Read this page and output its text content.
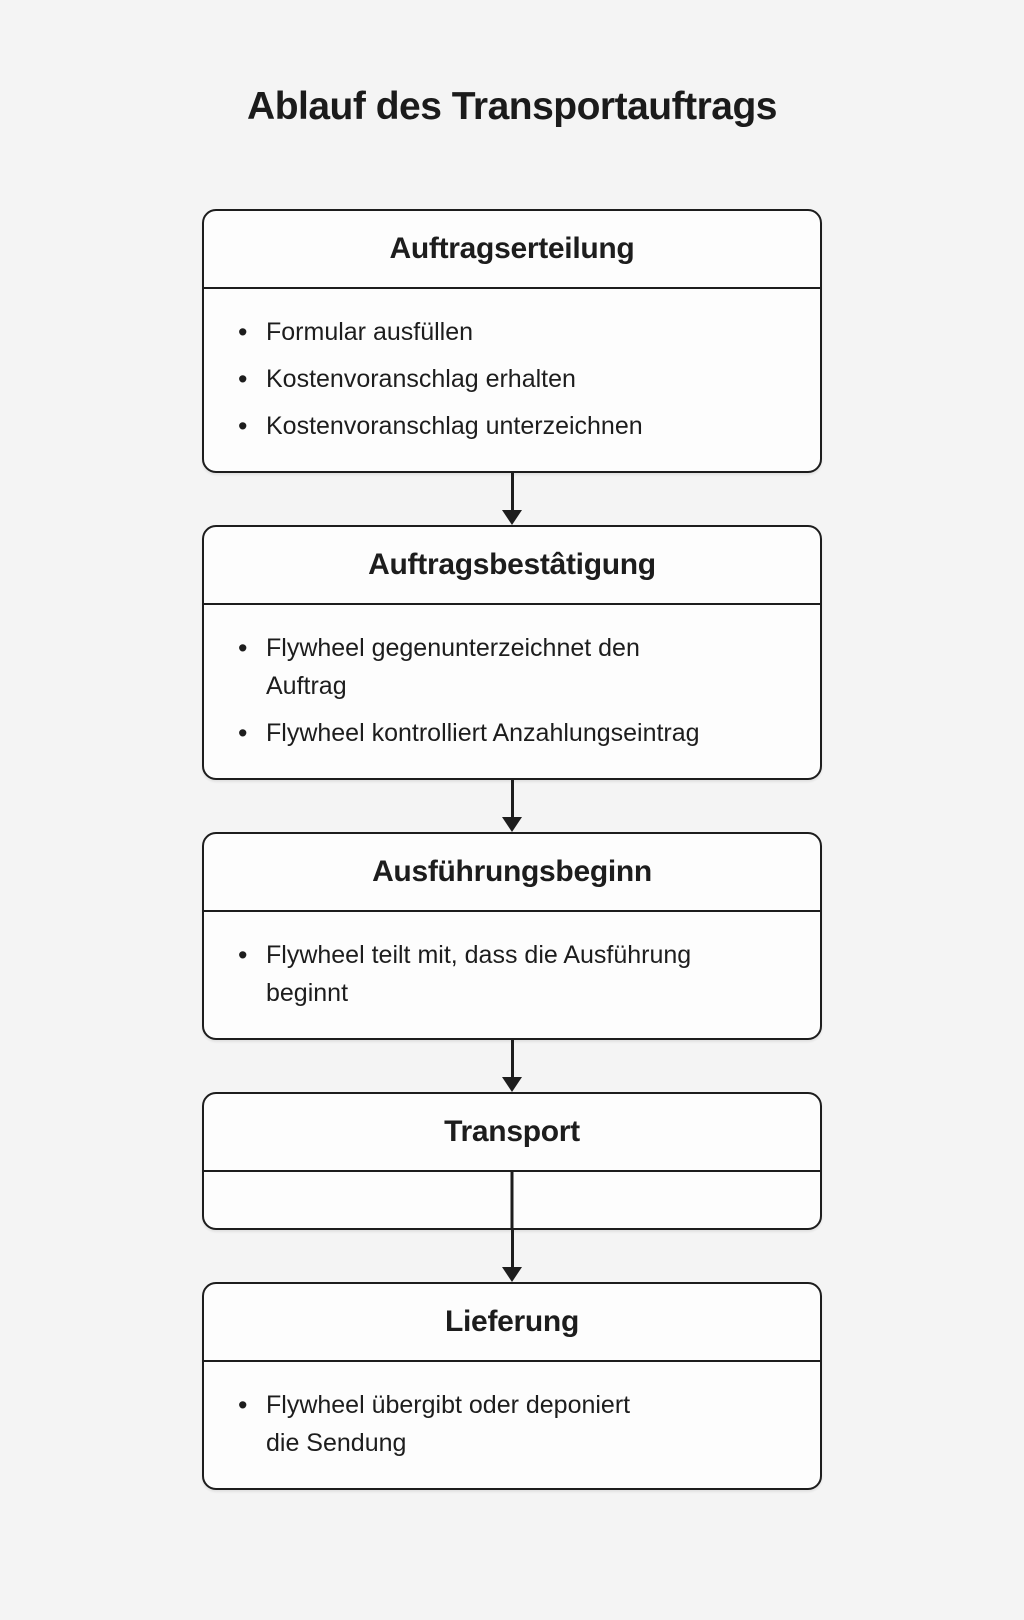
Ablauf des Transportauftrags
Auftragserteilung
• Formular ausfüllen
• Kostenvoranschlag erhalten
• Kostenvoranschlag unterzeichnen
Auftragsbestâtigung
• Flywheel gegenunterzeichnet den
Auftrag
• Flywheel kontrolliert Anzahlungseintrag
Ausführungsbeginn
• Flywheel teilt mit, dass die Ausführung
beginnt
Transport
Lieferung
• Flywheel übergibt oder deponiert
die Sendung
